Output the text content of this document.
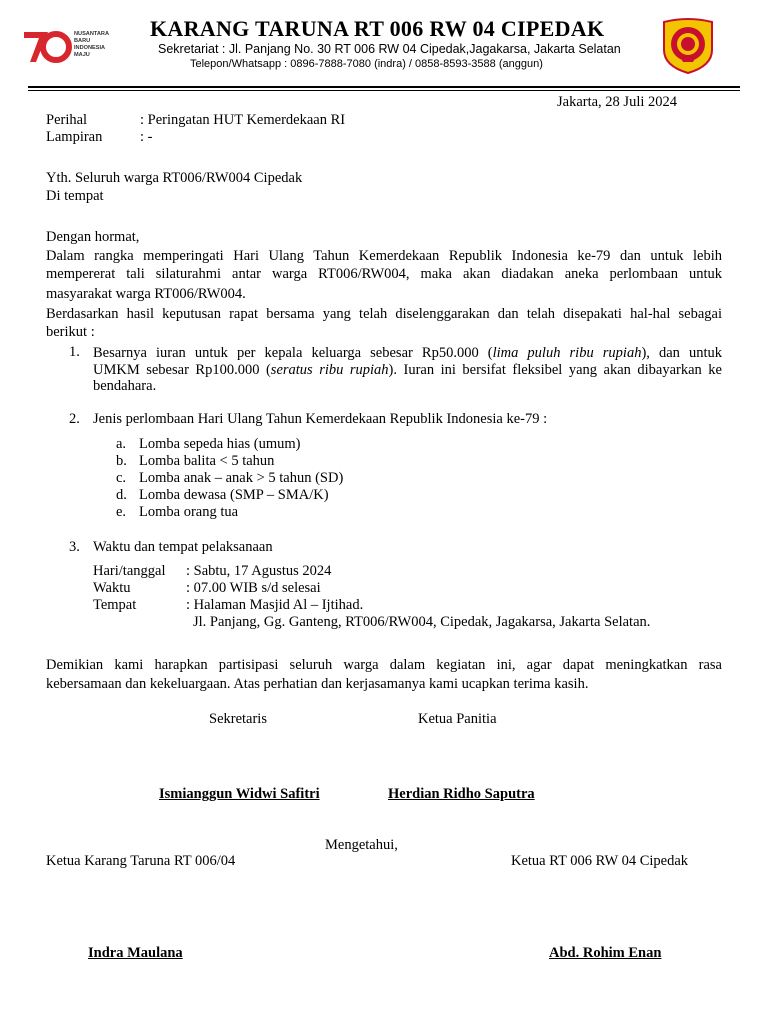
NUSANTARA
BARU
INDONESIA
MAJU
KARANG TARUNA RT 006 RW 04 CIPEDAK
Sekretariat : Jl. Panjang No. 30 RT 006 RW 04 Cipedak,Jagakarsa, Jakarta Selatan
Telepon/Whatsapp : 0896-7888-7080 (indra) / 0858-8593-3588 (anggun)
Jakarta, 28 Juli 2024
Perihal	: Peringatan HUT Kemerdekaan RI
Lampiran	: -
Yth. Seluruh warga RT006/RW004 Cipedak
Di tempat
Dengan hormat,
Dalam rangka memperingati Hari Ulang Tahun Kemerdekaan Republik Indonesia ke-79 dan untuk lebih
mempererat tali silaturahmi antar warga RT006/RW004, maka akan diadakan aneka perlombaan untuk
masyarakat warga RT006/RW004.
Berdasarkan hasil keputusan rapat bersama yang telah diselenggarakan dan telah disepakati hal-hal sebagai
berikut :
1. Besarnya iuran untuk per kepala keluarga sebesar Rp50.000 (lima puluh ribu rupiah), dan untuk
UMKM sebesar Rp100.000 (seratus ribu rupiah). Iuran ini bersifat fleksibel yang akan dibayarkan ke
bendahara.
2. Jenis perlombaan Hari Ulang Tahun Kemerdekaan Republik Indonesia ke-79 :
a. Lomba sepeda hias (umum)
b. Lomba balita < 5 tahun
c. Lomba anak – anak > 5 tahun (SD)
d. Lomba dewasa (SMP – SMA/K)
e. Lomba orang tua
3. Waktu dan tempat pelaksanaan
Hari/tanggal : Sabtu, 17 Agustus 2024
Waktu	: 07.00 WIB s/d selesai
Tempat	: Halaman Masjid Al – Ijtihad.
Jl. Panjang, Gg. Ganteng, RT006/RW004, Cipedak, Jagakarsa, Jakarta Selatan.
Demikian kami harapkan partisipasi seluruh warga dalam kegiatan ini, agar dapat meningkatkan rasa
kebersamaan dan kekeluargaan. Atas perhatian dan kerjasamanya kami ucapkan terima kasih.
Sekretaris	Ketua Panitia
Ismianggun Widwi Safitri	Herdian Ridho Saputra
Mengetahui,
Ketua Karang Taruna RT 006/04	Ketua RT 006 RW 04 Cipedak
Indra Maulana	Abd. Rohim Enan
